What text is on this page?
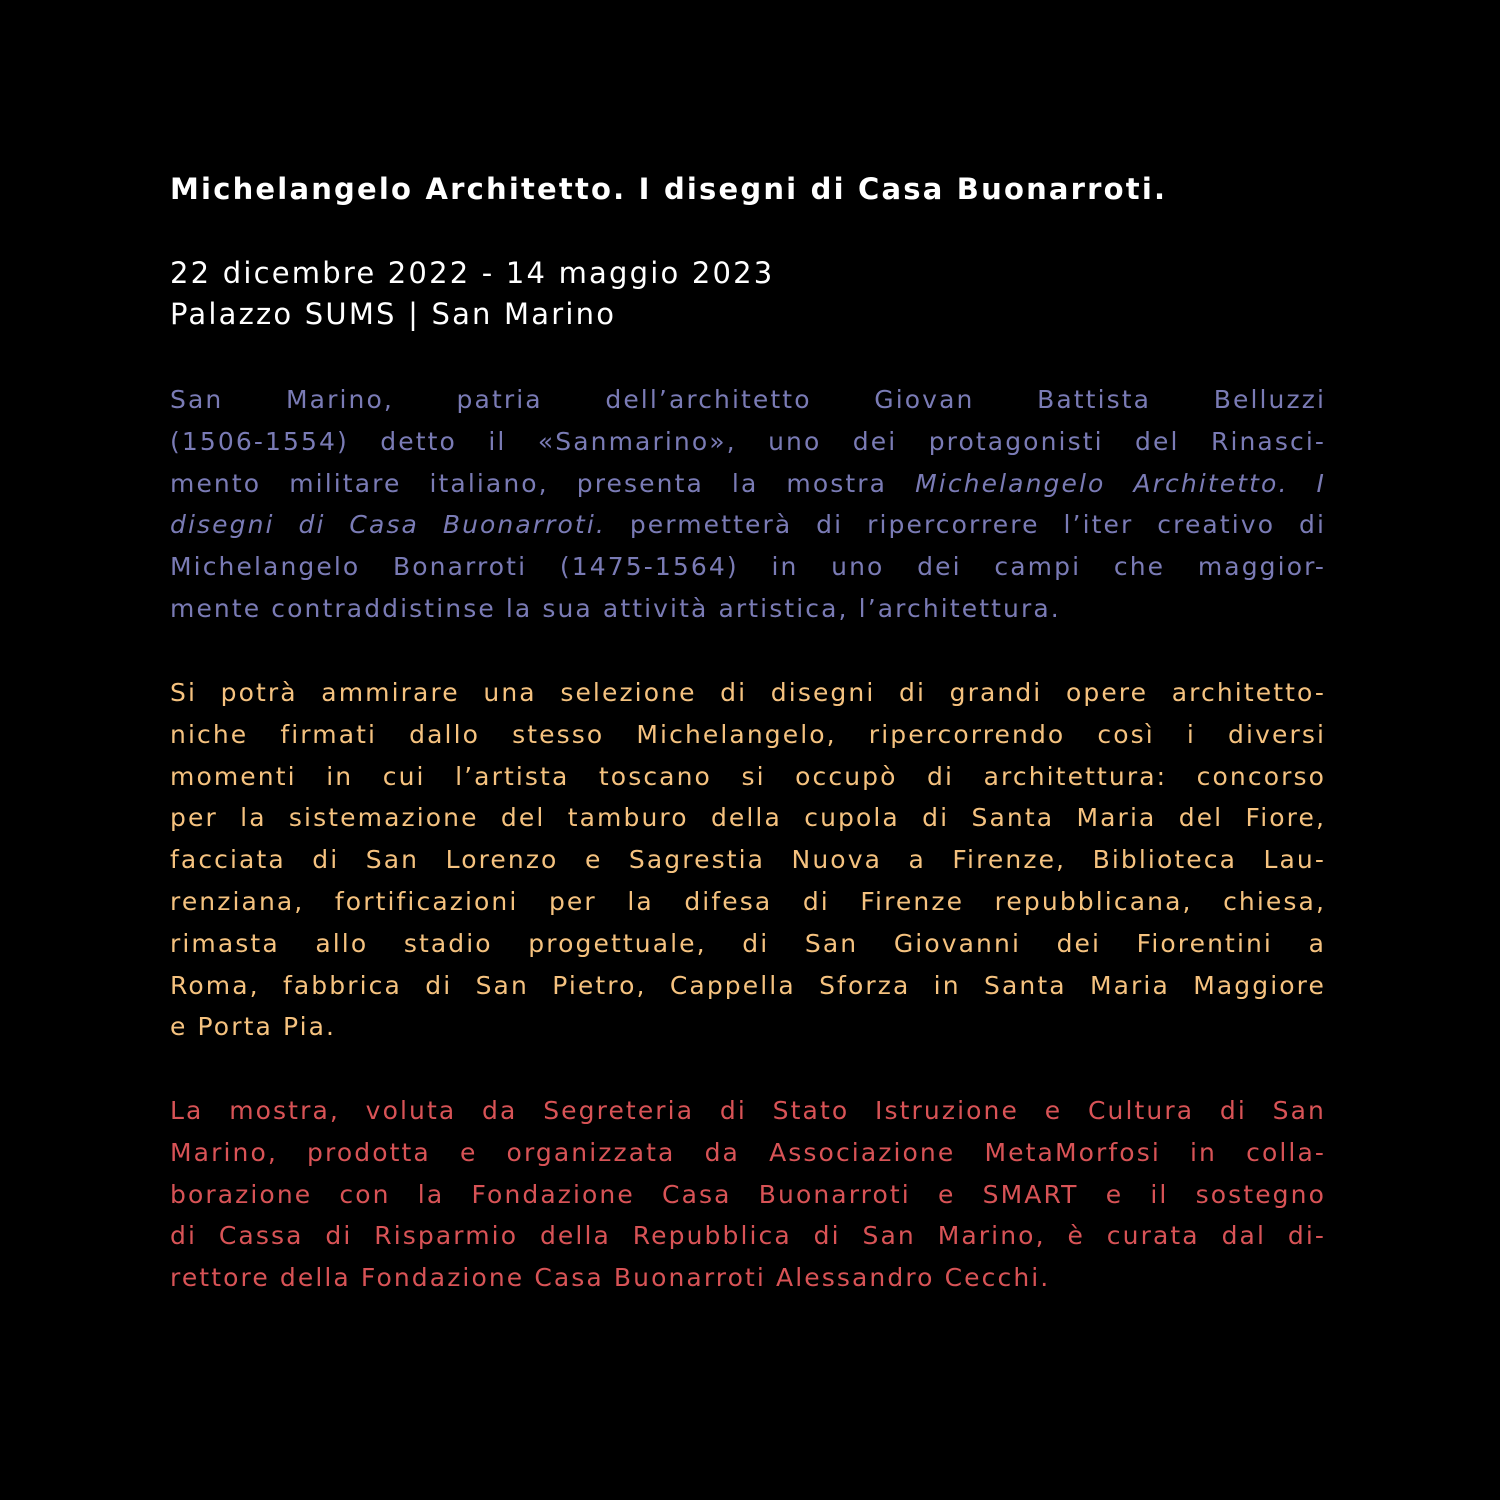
Michelangelo Architetto. I disegni di Casa Buonarroti.
22 dicembre 2022 - 14 maggio 2023
Palazzo SUMS | San Marino

San Marino, patria dell’architetto Giovan Battista Belluzzi
(1506-1554) detto il «Sanmarino», uno dei protagonisti del Rinasci-
mento militare italiano, presenta la mostra Michelangelo Architetto. I
disegni di Casa Buonarroti. permetterà di ripercorrere l’iter creativo di
Michelangelo Bonarroti (1475-1564) in uno dei campi che maggior-
mente contraddistinse la sua attività artistica, l’architettura.

Si potrà ammirare una selezione di disegni di grandi opere architetto-
niche firmati dallo stesso Michelangelo, ripercorrendo così i diversi
momenti in cui l’artista toscano si occupò di architettura: concorso
per la sistemazione del tamburo della cupola di Santa Maria del Fiore,
facciata di San Lorenzo e Sagrestia Nuova a Firenze, Biblioteca Lau-
renziana, fortificazioni per la difesa di Firenze repubblicana, chiesa,
rimasta allo stadio progettuale, di San Giovanni dei Fiorentini a
Roma, fabbrica di San Pietro, Cappella Sforza in Santa Maria Maggiore
e Porta Pia.

La mostra, voluta da Segreteria di Stato Istruzione e Cultura di San
Marino, prodotta e organizzata da Associazione MetaMorfosi in colla-
borazione con la Fondazione Casa Buonarroti e SMART e il sostegno
di Cassa di Risparmio della Repubblica di San Marino, è curata dal di-
rettore della Fondazione Casa Buonarroti Alessandro Cecchi.
